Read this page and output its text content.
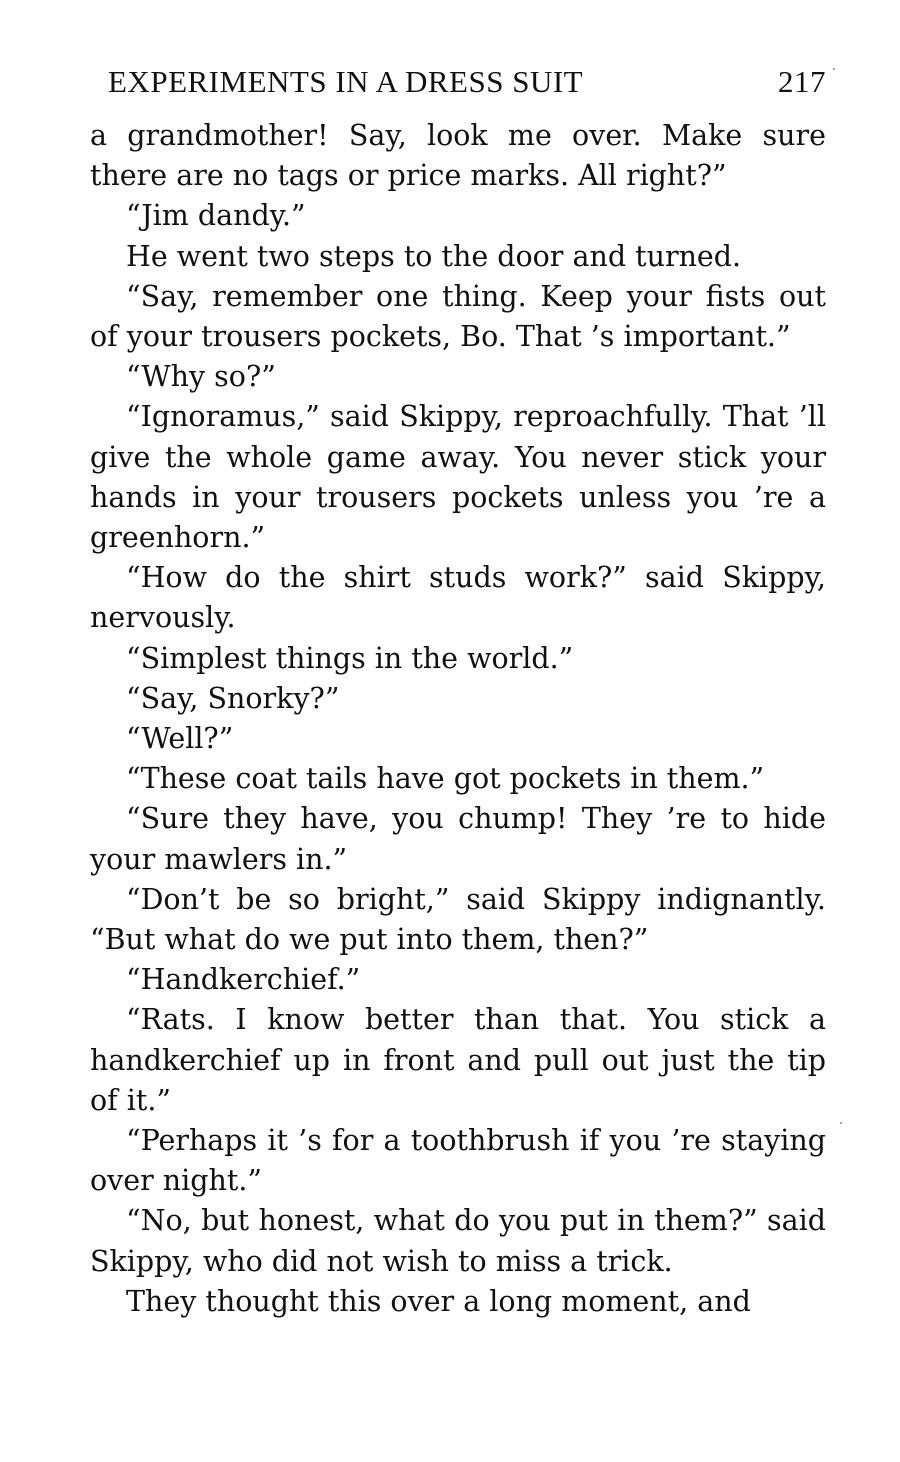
EXPERIMENTS IN A DRESS SUIT	217

a grandmother! Say, look me over. Make sure there are no tags or price marks. All right?”

“Jim dandy.”

He went two steps to the door and turned.

“Say, remember one thing. Keep your fists out of your trousers pockets, Bo. That ’s important.”

“Why so?”

“Ignoramus,” said Skippy, reproachfully. That ’ll give the whole game away. You never stick your hands in your trousers pockets unless you ’re a greenhorn.”

“How do the shirt studs work?” said Skippy, nervously.

“Simplest things in the world.”

“Say, Snorky?”

“Well?”

“These coat tails have got pockets in them.”

“Sure they have, you chump! They ’re to hide your mawlers in.”

“Don’t be so bright,” said Skippy indignantly. “But what do we put into them, then?”

“Handkerchief.”

“Rats. I know better than that. You stick a handkerchief up in front and pull out just the tip of it.”

“Perhaps it ’s for a toothbrush if you ’re staying over night.”

“No, but honest, what do you put in them?” said Skippy, who did not wish to miss a trick.

They thought this over a long moment, and
